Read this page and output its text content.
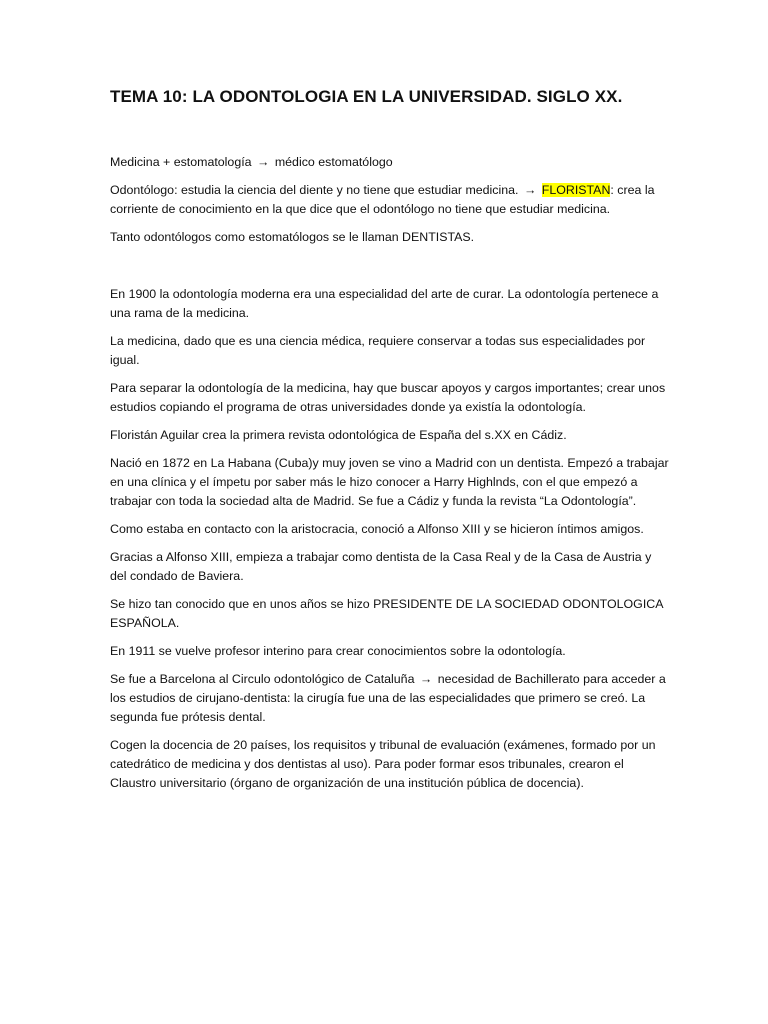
TEMA 10: LA ODONTOLOGIA EN LA UNIVERSIDAD. SIGLO XX.

Medicina + estomatología → médico estomatólogo

Odontólogo: estudia la ciencia del diente y no tiene que estudiar medicina. → FLORISTAN: crea la corriente de conocimiento en la que dice que el odontólogo no tiene que estudiar medicina.

Tanto odontólogos como estomatólogos se le llaman DENTISTAS.

En 1900 la odontología moderna era una especialidad del arte de curar. La odontología pertenece a una rama de la medicina.

La medicina, dado que es una ciencia médica, requiere conservar a todas sus especialidades por igual.

Para separar la odontología de la medicina, hay que buscar apoyos y cargos importantes; crear unos estudios copiando el programa de otras universidades donde ya existía la odontología.

Floristán Aguilar crea la primera revista odontológica de España del s.XX en Cádiz.

Nació en 1872 en La Habana (Cuba)y muy joven se vino a Madrid con un dentista. Empezó a trabajar en una clínica y el ímpetu por saber más le hizo conocer a Harry Highlnds, con el que empezó a trabajar con toda la sociedad alta de Madrid. Se fue a Cádiz y funda la revista “La Odontología”.

Como estaba en contacto con la aristocracia, conoció a Alfonso XIII y se hicieron íntimos amigos.

Gracias a Alfonso XIII, empieza a trabajar como dentista de la Casa Real y de la Casa de Austria y del condado de Baviera.

Se hizo tan conocido que en unos años se hizo PRESIDENTE DE LA SOCIEDAD ODONTOLOGICA ESPAÑOLA.

En 1911 se vuelve profesor interino para crear conocimientos sobre la odontología.

Se fue a Barcelona al Circulo odontológico de Cataluña → necesidad de Bachillerato para acceder a los estudios de cirujano-dentista: la cirugía fue una de las especialidades que primero se creó. La segunda fue prótesis dental.

Cogen la docencia de 20 países, los requisitos y tribunal de evaluación (exámenes, formado por un catedrático de medicina y dos dentistas al uso). Para poder formar esos tribunales, crearon el Claustro universitario (órgano de organización de una institución pública de docencia).
